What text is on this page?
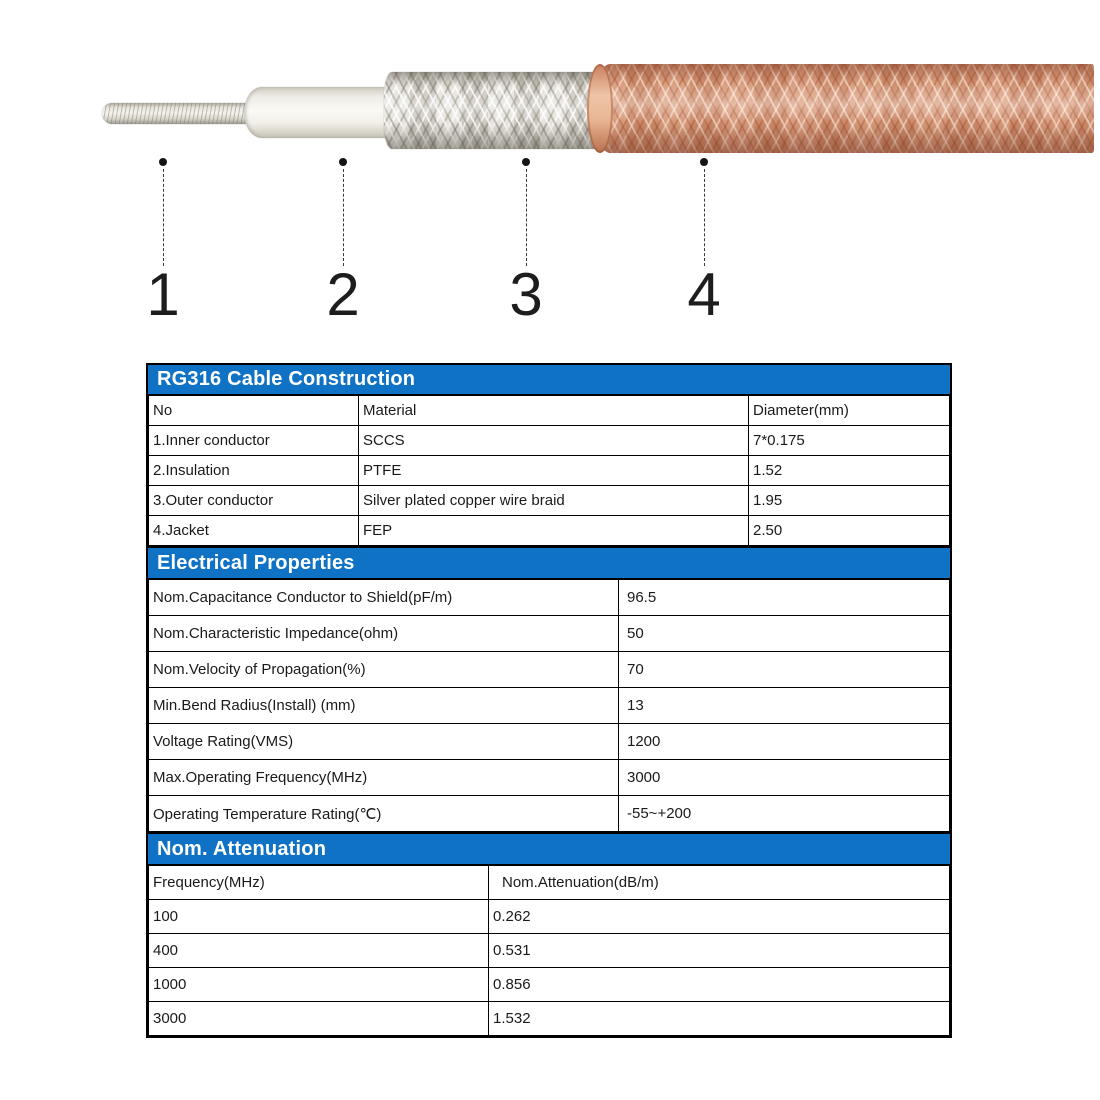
1 2 3 4
RG316 Cable Construction
No	Material	Diameter(mm)
1.Inner conductor	SCCS	7*0.175
2.Insulation	PTFE	1.52
3.Outer conductor	Silver plated copper wire braid	1.95
4.Jacket	FEP	2.50
Electrical Properties
Nom.Capacitance Conductor to Shield(pF/m)	96.5
Nom.Characteristic Impedance(ohm)	50
Nom.Velocity of Propagation(%)	70
Min.Bend Radius(Install) (mm)	13
Voltage Rating(VMS)	1200
Max.Operating Frequency(MHz)	3000
Operating Temperature Rating(℃)	-55~+200
Nom. Attenuation
Frequency(MHz)	Nom.Attenuation(dB/m)
100	0.262
400	0.531
1000	0.856
3000	1.532
